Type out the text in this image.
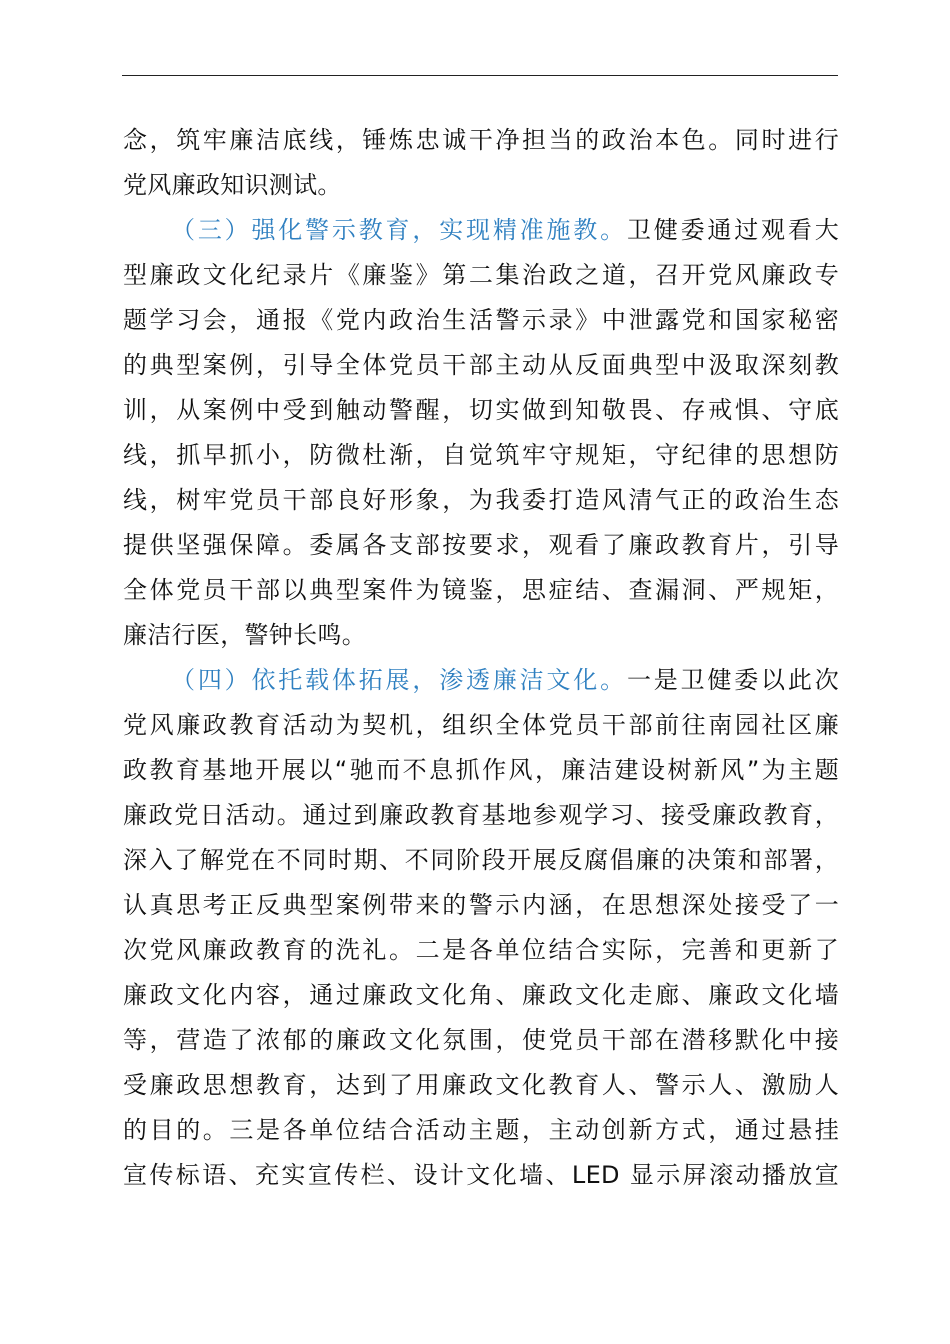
念，筑牢廉洁底线，锤炼忠诚干净担当的政治本色。同时进行
党风廉政知识测试。
（三）强化警示教育，实现精准施教。卫健委通过观看大
型廉政文化纪录片《廉鉴》第二集治政之道，召开党风廉政专
题学习会，通报《党内政治生活警示录》中泄露党和国家秘密
的典型案例，引导全体党员干部主动从反面典型中汲取深刻教
训，从案例中受到触动警醒，切实做到知敬畏、存戒惧、守底
线，抓早抓小，防微杜渐，自觉筑牢守规矩，守纪律的思想防
线，树牢党员干部良好形象，为我委打造风清气正的政治生态
提供坚强保障。委属各支部按要求，观看了廉政教育片，引导
全体党员干部以典型案件为镜鉴，思症结、查漏洞、严规矩，
廉洁行医，警钟长鸣。
（四）依托载体拓展，渗透廉洁文化。一是卫健委以此次
党风廉政教育活动为契机，组织全体党员干部前往南园社区廉
政教育基地开展以“驰而不息抓作风，廉洁建设树新风”为主题
廉政党日活动。通过到廉政教育基地参观学习、接受廉政教育，
深入了解党在不同时期、不同阶段开展反腐倡廉的决策和部署，
认真思考正反典型案例带来的警示内涵，在思想深处接受了一
次党风廉政教育的洗礼。二是各单位结合实际，完善和更新了
廉政文化内容，通过廉政文化角、廉政文化走廊、廉政文化墙
等，营造了浓郁的廉政文化氛围，使党员干部在潜移默化中接
受廉政思想教育，达到了用廉政文化教育人、警示人、激励人
的目的。三是各单位结合活动主题，主动创新方式，通过悬挂
宣传标语、充实宣传栏、设计文化墙、LED 显示屏滚动播放宣
